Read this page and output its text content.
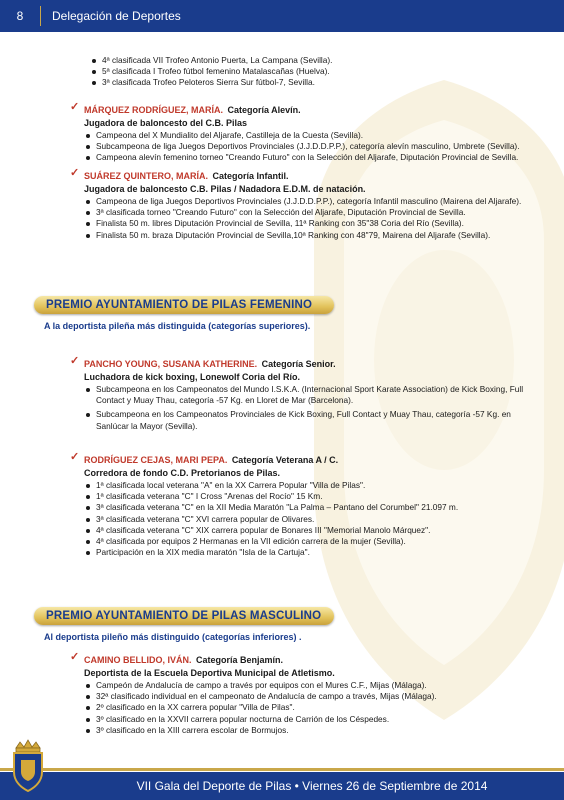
8	Delegación de Deportes
4ª clasificada VII Trofeo Antonio Puerta, La Campana (Sevilla).
5ª clasificada I Trofeo fútbol femenino Matalascañas (Huelva).
3ª clasificada Trofeo Peloteros Sierra Sur fútbol-7, Sevilla.
✓ MÁRQUEZ RODRÍGUEZ, MARÍA. Categoría Alevín.
Jugadora de baloncesto del C.B. Pilas
Campeona del X Mundialito del Aljarafe, Castilleja de la Cuesta (Sevilla).
Subcampeona de liga Juegos Deportivos Provinciales (J.J.D.D.P.P.), categoría alevín masculino, Umbrete (Sevilla).
Campeona alevín femenino torneo "Creando Futuro" con la Selección del Aljarafe, Diputación Provincial de Sevilla.
✓ SUÁREZ QUINTERO, MARÍA. Categoría Infantil.
Jugadora de baloncesto C.B. Pilas / Nadadora E.D.M. de natación.
Campeona de liga Juegos Deportivos Provinciales (J.J.D.D.P.P.), categoría Infantil masculino (Mairena del Aljarafe).
3ª clasificada torneo "Creando Futuro" con la Selección del Aljarafe, Diputación Provincial de Sevilla.
Finalista 50 m. libres Diputación Provincial de Sevilla, 11ª Ranking con 35"38 Coria del Río (Sevilla).
Finalista 50 m. braza Diputación Provincial de Sevilla,10ª Ranking con 48"79, Mairena del Aljarafe (Sevilla).
PREMIO AYUNTAMIENTO DE PILAS FEMENINO
A la deportista pileña más distinguida (categorías superiores).
✓ PANCHO YOUNG, SUSANA KATHERINE. Categoría Senior.
Luchadora de kick boxing, Lonewolf Coria del Río.
Subcampeona en los Campeonatos del Mundo I.S.K.A. (Internacional Sport Karate Association) de Kick Boxing, Full Contact y Muay Thau, categoría -57 Kg. en Lloret de Mar (Barcelona).
Subcampeona en los Campeonatos Provinciales de Kick Boxing, Full Contact y Muay Thau, categoría -57 Kg. en Sanlúcar la Mayor (Sevilla).
✓ RODRÍGUEZ CEJAS, MARI PEPA. Categoría Veterana A / C.
Corredora de fondo C.D. Pretorianos de Pilas.
1ª clasificada local veterana "A" en la XX Carrera Popular "Villa de Pilas".
1ª clasificada veterana "C" I Cross "Arenas del Rocío" 15 Km.
3ª clasificada veterana "C" en la XII Media Maratón "La Palma – Pantano del Corumbel" 21.097 m.
3ª clasificada veterana "C" XVI carrera popular de Olivares.
4ª clasificada veterana "C" XIX carrera popular de Bonares III "Memorial Manolo Márquez".
4ª clasificada por equipos 2 Hermanas en la VII edición carrera de la mujer (Sevilla).
Participación en la XIX media maratón "Isla de la Cartuja".
PREMIO AYUNTAMIENTO DE PILAS MASCULINO
Al deportista pileño más distinguido (categorías inferiores) .
✓ CAMINO BELLIDO, IVÁN. Categoría Benjamín.
Deportista de la Escuela Deportiva Municipal de Atletismo.
Campeón de Andalucía de campo a través por equipos con el Mures C.F., Mijas (Málaga).
32ª clasificado individual en el campeonato de Andalucía de campo a través, Mijas (Málaga).
2º clasificado en la XX carrera popular "Villa de Pilas".
3º clasificado en la XXVII carrera popular nocturna de Carrión de los Céspedes.
3º clasificado en la XIII carrera escolar de Bormujos.
VII Gala del Deporte de Pilas • Viernes 26 de Septiembre de 2014
